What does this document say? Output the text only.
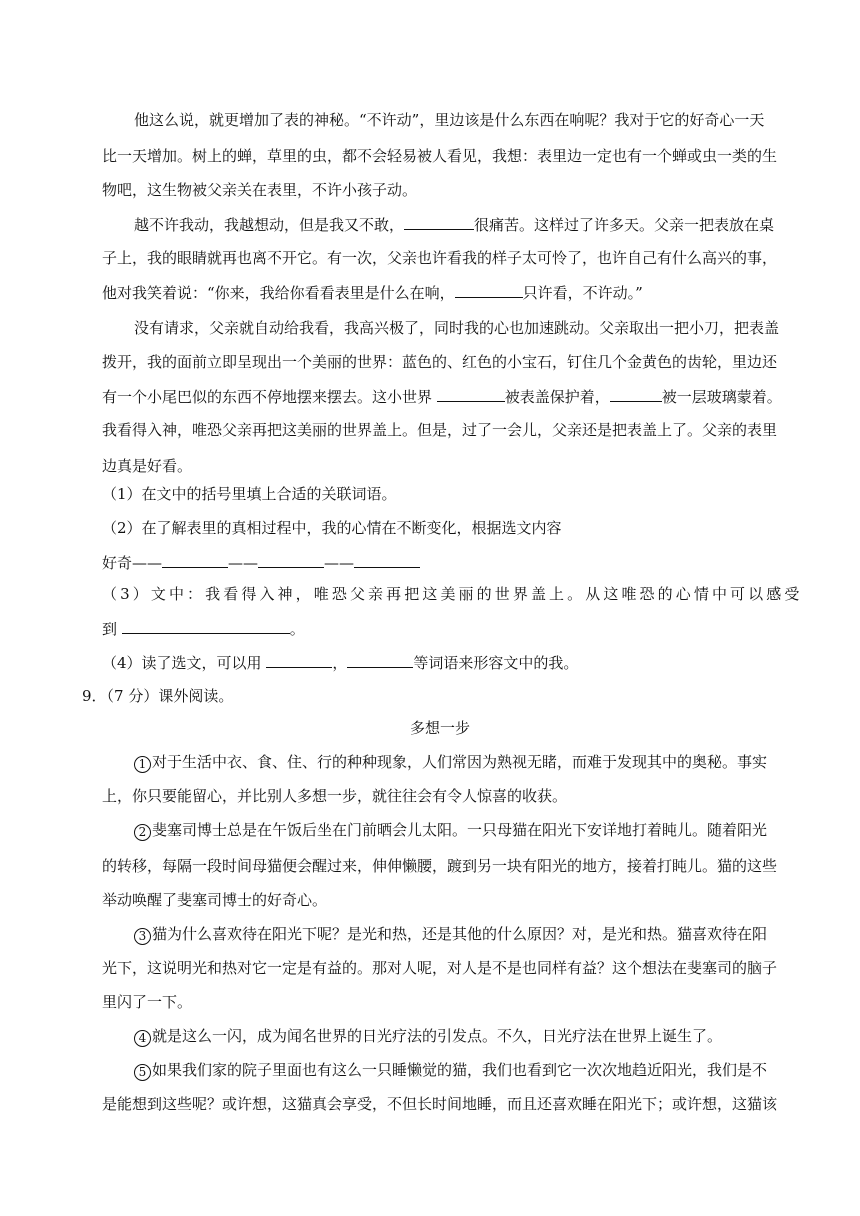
他这么说，就更增加了表的神秘。“不许动”，里边该是什么东西在响呢？我对于它的好奇心一天
比一天增加。树上的蝉，草里的虫，都不会轻易被人看见，我想：表里边一定也有一个蝉或虫一类的生
物吧，这生物被父亲关在表里，不许小孩子动。
越不许我动，我越想动，但是我又不敢，	很痛苦。这样过了许多天。父亲一把表放在桌
子上，我的眼睛就再也离不开它。有一次，父亲也许看我的样子太可怜了，也许自己有什么高兴的事，
他对我笑着说：“你来，我给你看看表里是什么在响，	只许看，不许动。”
没有请求，父亲就自动给我看，我高兴极了，同时我的心也加速跳动。父亲取出一把小刀，把表盖
拨开，我的面前立即呈现出一个美丽的世界：蓝色的、红色的小宝石，钉住几个金黄色的齿轮，里边还
有一个小尾巴似的东西不停地摆来摆去。这小世界	被表盖保护着，	被一层玻璃蒙着。
我看得入神，唯恐父亲再把这美丽的世界盖上。但是，过了一会儿，父亲还是把表盖上了。父亲的表里
边真是好看。
（1）在文中的括号里填上合适的关联词语。
（2）在了解表里的真相过程中，我的心情在不断变化，根据选文内容
好奇——	——	——
（3）文中：我看得入神，唯恐父亲再把这美丽的世界盖上。从这唯恐的心情中可以感受
到	。
（4）读了选文，可以用	，	等词语来形容文中的我。
9．（7 分）课外阅读。
多想一步
1 对于生活中衣、食、住、行的种种现象，人们常因为熟视无睹，而难于发现其中的奥秘。事实
上，你只要能留心，并比别人多想一步，就往往会有令人惊喜的收获。
2 斐塞司博士总是在午饭后坐在门前晒会儿太阳。一只母猫在阳光下安详地打着盹儿。随着阳光
的转移，每隔一段时间母猫便会醒过来，伸伸懒腰，踱到另一块有阳光的地方，接着打盹儿。猫的这些
举动唤醒了斐塞司博士的好奇心。
3 猫为什么喜欢待在阳光下呢？是光和热，还是其他的什么原因？对，是光和热。猫喜欢待在阳
光下，这说明光和热对它一定是有益的。那对人呢，对人是不是也同样有益？这个想法在斐塞司的脑子
里闪了一下。
4 就是这么一闪，成为闻名世界的日光疗法的引发点。不久，日光疗法在世界上诞生了。
5 如果我们家的院子里面也有这么一只睡懒觉的猫，我们也看到它一次次地趋近阳光，我们是不
是能想到这些呢？或许想，这猫真会享受，不但长时间地睡，而且还喜欢睡在阳光下；或许想，这猫该
